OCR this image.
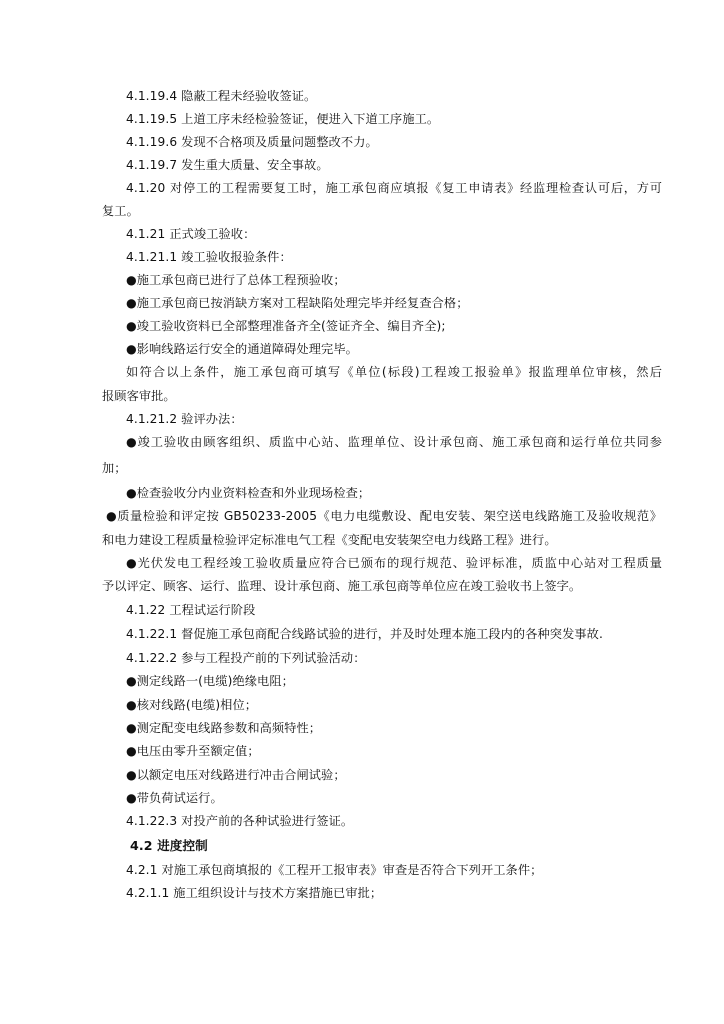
4.1.19.4 隐蔽工程未经验收签证。
4.1.19.5 上道工序未经检验签证，便进入下道工序施工。
4.1.19.6 发现不合格项及质量问题整改不力。
4.1.19.7 发生重大质量、安全事故。
4.1.20 对停工的工程需要复工时，施工承包商应填报《复工申请表》经监理检查认可后，方可
复工。
4.1.21 正式竣工验收：
4.1.21.1 竣工验收报验条件：
●施工承包商已进行了总体工程预验收；
●施工承包商已按消缺方案对工程缺陷处理完毕并经复查合格；
●竣工验收资料已全部整理准备齐全(签证齐全、编目齐全);
●影响线路运行安全的通道障碍处理完毕。
如符合以上条件，施工承包商可填写《单位(标段)工程竣工报验单》报监理单位审核，然后
报顾客审批。
4.1.21.2 验评办法：
●竣工验收由顾客组织、质监中心站、监理单位、设计承包商、施工承包商和运行单位共同参
加；
●检查验收分内业资料检查和外业现场检查；
●质量检验和评定按 GB50233-2005《电力电缆敷设、配电安装、架空送电线路施工及验收规范》
和电力建设工程质量检验评定标准电气工程《变配电安装架空电力线路工程》进行。
●光伏发电工程经竣工验收质量应符合已颁布的现行规范、验评标准，质监中心站对工程质量
予以评定、顾客、运行、监理、设计承包商、施工承包商等单位应在竣工验收书上签字。
4.1.22 工程试运行阶段
4.1.22.1 督促施工承包商配合线路试验的进行，并及时处理本施工段内的各种突发事故.
4.1.22.2 参与工程投产前的下列试验活动：
●测定线路一(电缆)绝缘电阻；
●核对线路(电缆)相位；
●测定配变电线路参数和高频特性；
●电压由零升至额定值；
●以额定电压对线路进行冲击合闸试验；
●带负荷试运行。
4.1.22.3 对投产前的各种试验进行签证。
4.2 进度控制
4.2.1 对施工承包商填报的《工程开工报审表》审查是否符合下列开工条件；
4.2.1.1 施工组织设计与技术方案措施已审批；
